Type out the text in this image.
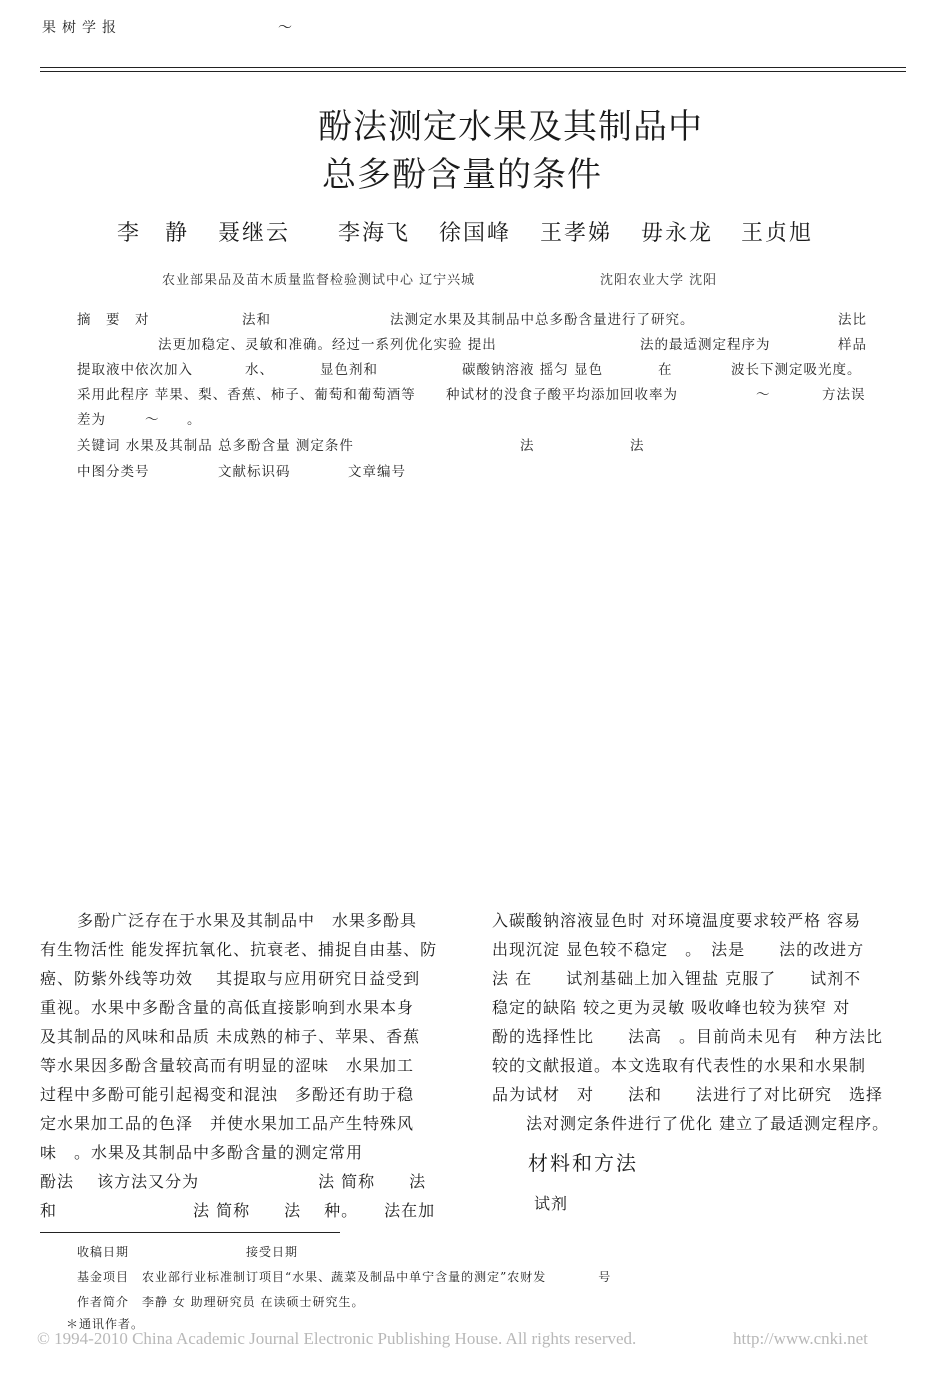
果树学报	～
酚法测定水果及其制品中
总多酚含量的条件
李　静 聂继云 李海飞 徐国峰 王孝娣 毋永龙 王贞旭
农业部果品及苗木质量监督检验测试中心 辽宁兴城	沈阳农业大学 沈阳
摘　要　对	法和	法测定水果及其制品中总多酚含量进行了研究。	法比
法更加稳定、灵敏和准确。经过一系列优化实验 提出	法的最适测定程序为	样品
提取液中依次加入	水、	显色剂和	碳酸钠溶液 摇匀 显色	在	波长下测定吸光度。
采用此程序 苹果、梨、香蕉、柿子、葡萄和葡萄酒等 种试材的没食子酸平均添加回收率为	～	方法误
差为	～ 。
关键词 水果及其制品 总多酚含量 测定条件	法	法
中图分类号	文献标识码	文章编号
多酚广泛存在于水果及其制品中　水果多酚具
有生物活性 能发挥抗氧化、抗衰老、捕捉自由基、防
癌、防紫外线等功效　 其提取与应用研究日益受到
重视。水果中多酚含量的高低直接影响到水果本身
及其制品的风味和品质 未成熟的柿子、苹果、香蕉
等水果因多酚含量较高而有明显的涩味　水果加工
过程中多酚可能引起褐变和混浊　多酚还有助于稳
定水果加工品的色泽　并使水果加工品产生特殊风
味　。水果及其制品中多酚含量的测定常用
酚法　 该方法又分为　　　　　　　法 简称　　法
和　　　　　　　　法 简称　　法　 种。　　法在加
入碳酸钠溶液显色时 对环境温度要求较严格 容易
出现沉淀 显色较不稳定　。　法是　　法的改进方
法 在　　试剂基础上加入锂盐 克服了　　试剂不
稳定的缺陷 较之更为灵敏 吸收峰也较为狭窄 对
酚的选择性比　　法高　。目前尚未见有　种方法比
较的文献报道。本文选取有代表性的水果和水果制
品为试材　对　　法和　　法进行了对比研究　选择
　　法对测定条件进行了优化 建立了最适测定程序。
材料和方法
试剂
收稿日期	接受日期
基金项目　农业部行业标准制订项目“水果、蔬菜及制品中单宁含量的测定”农财发　　　　号
作者简介　李静 女 助理研究员 在读硕士研究生。
＊通讯作者。
© 1994-2010 China Academic Journal Electronic Publishing House. All rights reserved.	http://www.cnki.net
